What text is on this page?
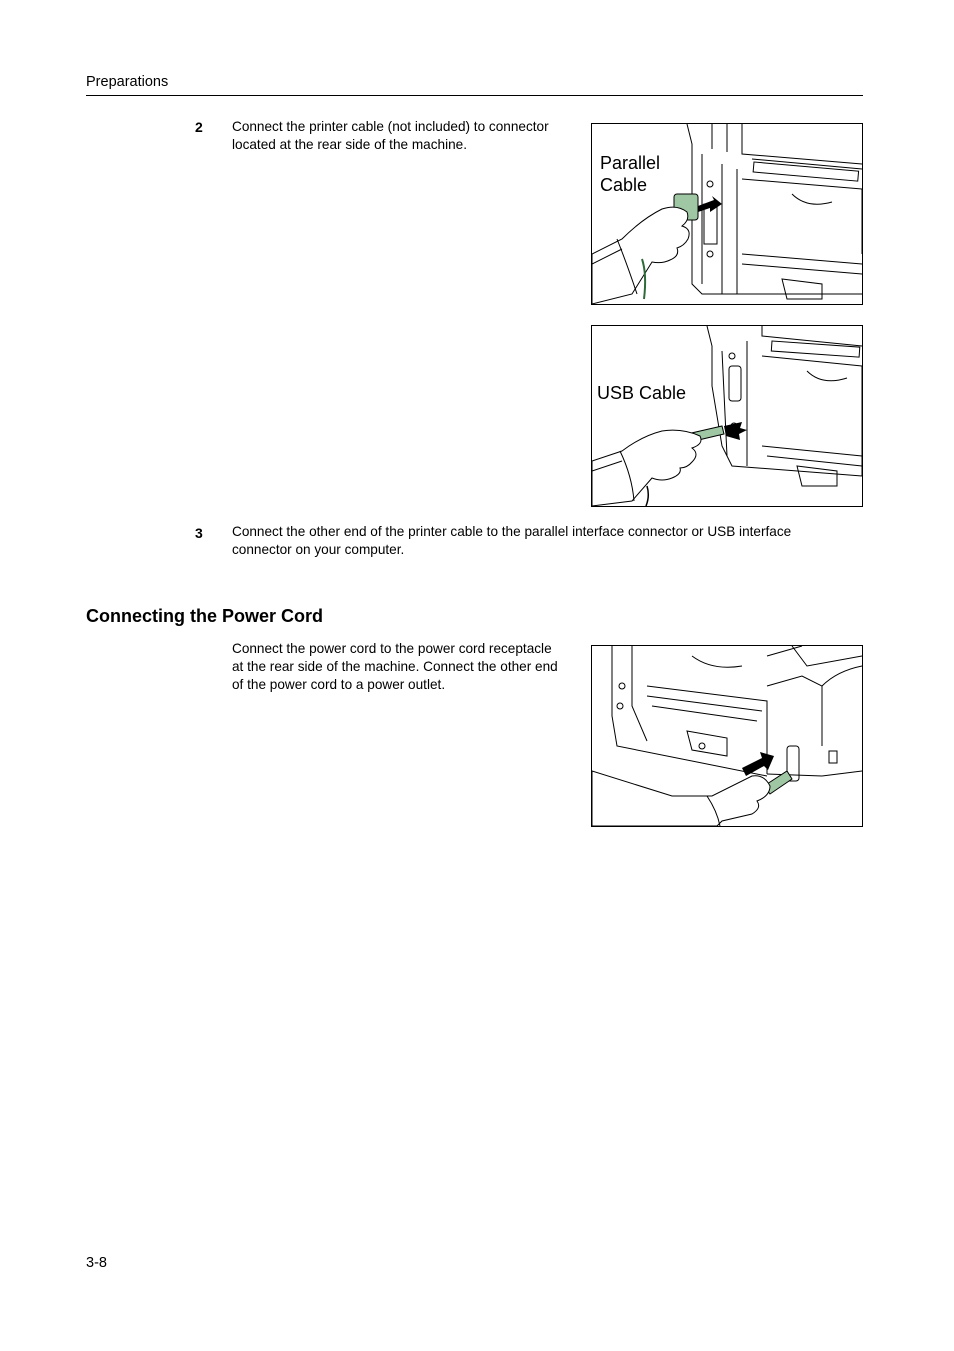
Preparations
2 Connect the printer cable (not included) to connector
located at the rear side of the machine.
Parallel
Cable
USB Cable
3 Connect the other end of the printer cable to the parallel interface connector or USB interface
connector on your computer.
Connecting the Power Cord
Connect the power cord to the power cord receptacle
at the rear side of the machine. Connect the other end
of the power cord to a power outlet.
3-8
